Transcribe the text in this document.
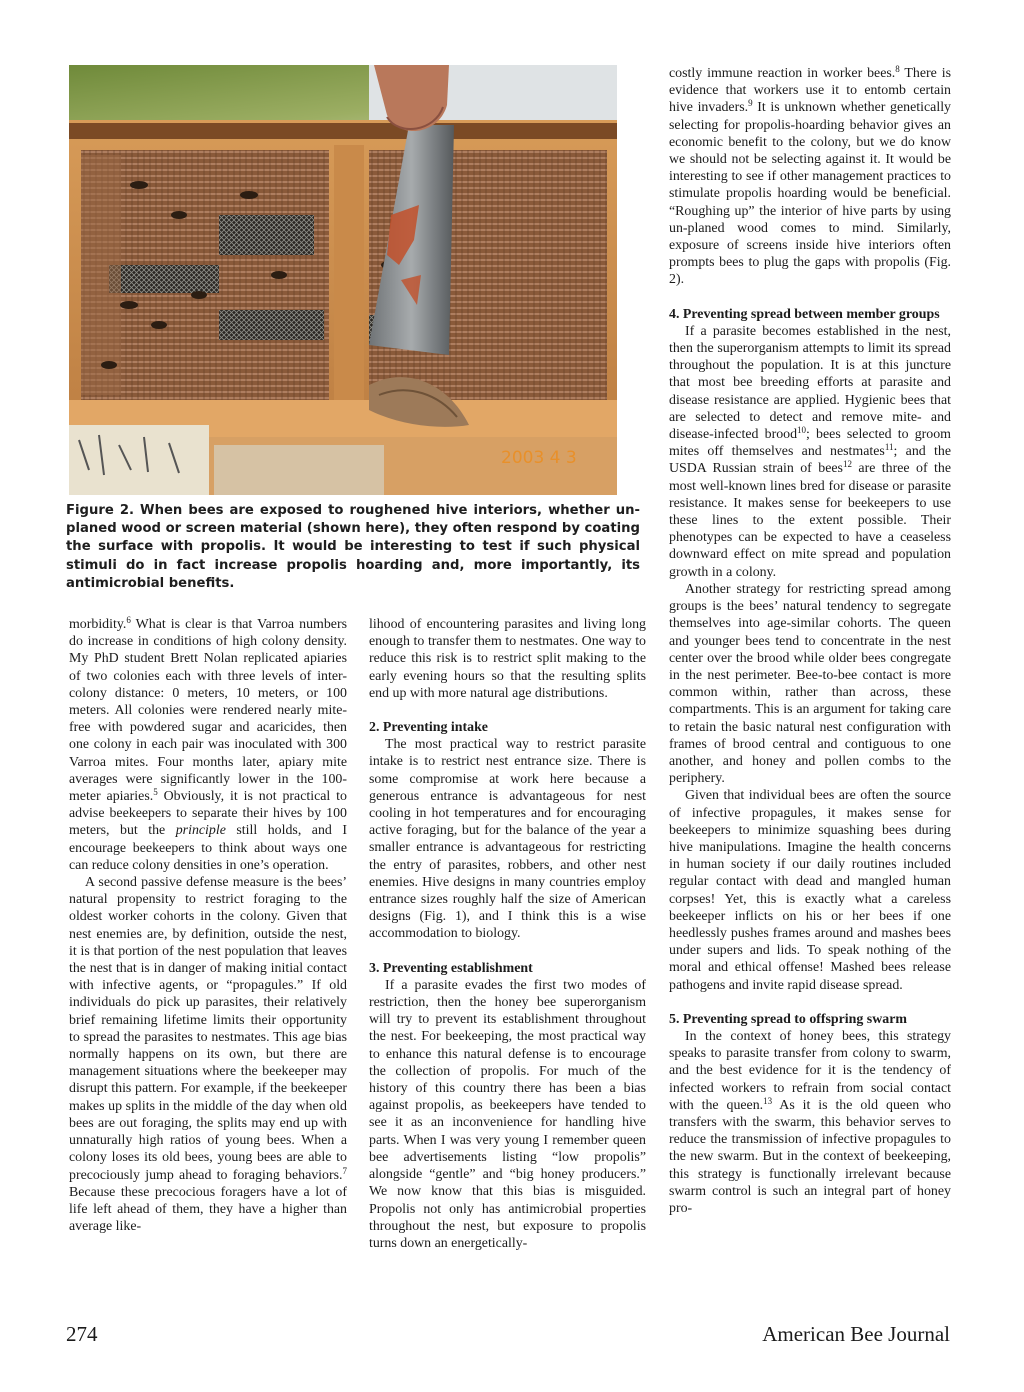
2003 4 3
Figure 2. When bees are exposed to roughened hive interiors, whether un-planed wood or screen material (shown here), they often respond by coating the surface with propolis. It would be interesting to test if such physical stimuli do in fact increase propolis hoarding and, more importantly, its antimicrobial benefits.

morbidity.$^6$ What is clear is that Varroa numbers do increase in conditions of high colony density. My PhD student Brett Nolan replicated apiaries of two colonies each with three levels of inter-colony distance: 0 meters, 10 meters, or 100 meters. All colonies were rendered nearly mite-free with powdered sugar and acaricides, then one colony in each pair was inoculated with 300 Varroa mites. Four months later, apiary mite averages were significantly lower in the 100-meter apiaries.$^5$ Obviously, it is not practical to advise beekeepers to separate their hives by 100 meters, but the principle still holds, and I encourage beekeepers to think about ways one can reduce colony densities in one’s operation.

A second passive defense measure is the bees’ natural propensity to restrict foraging to the oldest worker cohorts in the colony. Given that nest enemies are, by definition, outside the nest, it is that portion of the nest population that leaves the nest that is in danger of making initial contact with infective agents, or “propagules.” If old individuals do pick up parasites, their relatively brief remaining lifetime limits their opportunity to spread the parasites to nestmates. This age bias normally happens on its own, but there are management situations where the beekeeper may disrupt this pattern. For example, if the beekeeper makes up splits in the middle of the day when old bees are out foraging, the splits may end up with unnaturally high ratios of young bees. When a colony loses its old bees, young bees are able to precociously jump ahead to foraging behaviors.$^7$ Because these precocious foragers have a lot of life left ahead of them, they have a higher than average like-

lihood of encountering parasites and living long enough to transfer them to nestmates. One way to reduce this risk is to restrict split making to the early evening hours so that the resulting splits end up with more natural age distributions.

2. Preventing intake

The most practical way to restrict parasite intake is to restrict nest entrance size. There is some compromise at work here because a generous entrance is advantageous for nest cooling in hot temperatures and for encouraging active foraging, but for the balance of the year a smaller entrance is advantageous for restricting the entry of parasites, robbers, and other nest enemies. Hive designs in many countries employ entrance sizes roughly half the size of American designs (Fig. 1), and I think this is a wise accommodation to biology.

3. Preventing establishment

If a parasite evades the first two modes of restriction, then the honey bee superorganism will try to prevent its establishment throughout the nest. For beekeeping, the most practical way to enhance this natural defense is to encourage the collection of propolis. For much of the history of this country there has been a bias against propolis, as beekeepers have tended to see it as an inconvenience for handling hive parts. When I was very young I remember queen bee advertisements listing “low propolis” alongside “gentle” and “big honey producers.” We now know that this bias is misguided. Propolis not only has antimicrobial properties throughout the nest, but exposure to propolis turns down an energetically-

costly immune reaction in worker bees.$^8$ There is evidence that workers use it to entomb certain hive invaders.$^9$ It is unknown whether genetically selecting for propolis-hoarding behavior gives an economic benefit to the colony, but we do know we should not be selecting against it. It would be interesting to see if other management practices to stimulate propolis hoarding would be beneficial. “Roughing up” the interior of hive parts by using un-planed wood comes to mind. Similarly, exposure of screens inside hive interiors often prompts bees to plug the gaps with propolis (Fig. 2).

4. Preventing spread between member groups

If a parasite becomes established in the nest, then the superorganism attempts to limit its spread throughout the population. It is at this juncture that most bee breeding efforts at parasite and disease resistance are applied. Hygienic bees that are selected to detect and remove mite- and disease-infected brood$^{10}$; bees selected to groom mites off themselves and nestmates$^{11}$; and the USDA Russian strain of bees$^{12}$ are three of the most well-known lines bred for disease or parasite resistance. It makes sense for beekeepers to use these lines to the extent possible. Their phenotypes can be expected to have a ceaseless downward effect on mite spread and population growth in a colony.

Another strategy for restricting spread among groups is the bees’ natural tendency to segregate themselves into age-similar cohorts. The queen and younger bees tend to concentrate in the nest center over the brood while older bees congregate in the nest perimeter. Bee-to-bee contact is more common within, rather than across, these compartments. This is an argument for taking care to retain the basic natural nest configuration with frames of brood central and contiguous to one another, and honey and pollen combs to the periphery.

Given that individual bees are often the source of infective propagules, it makes sense for beekeepers to minimize squashing bees during hive manipulations. Imagine the health concerns in human society if our daily routines included regular contact with dead and mangled human corpses! Yet, this is exactly what a careless beekeeper inflicts on his or her bees if one heedlessly pushes frames around and mashes bees under supers and lids. To speak nothing of the moral and ethical offense! Mashed bees release pathogens and invite rapid disease spread.

5. Preventing spread to offspring swarm

In the context of honey bees, this strategy speaks to parasite transfer from colony to swarm, and the best evidence for it is the tendency of infected workers to refrain from social contact with the queen.$^{13}$ As it is the old queen who transfers with the swarm, this behavior serves to reduce the transmission of infective propagules to the new swarm. But in the context of beekeeping, this strategy is functionally irrelevant because swarm control is such an integral part of honey pro-

274	American Bee Journal
